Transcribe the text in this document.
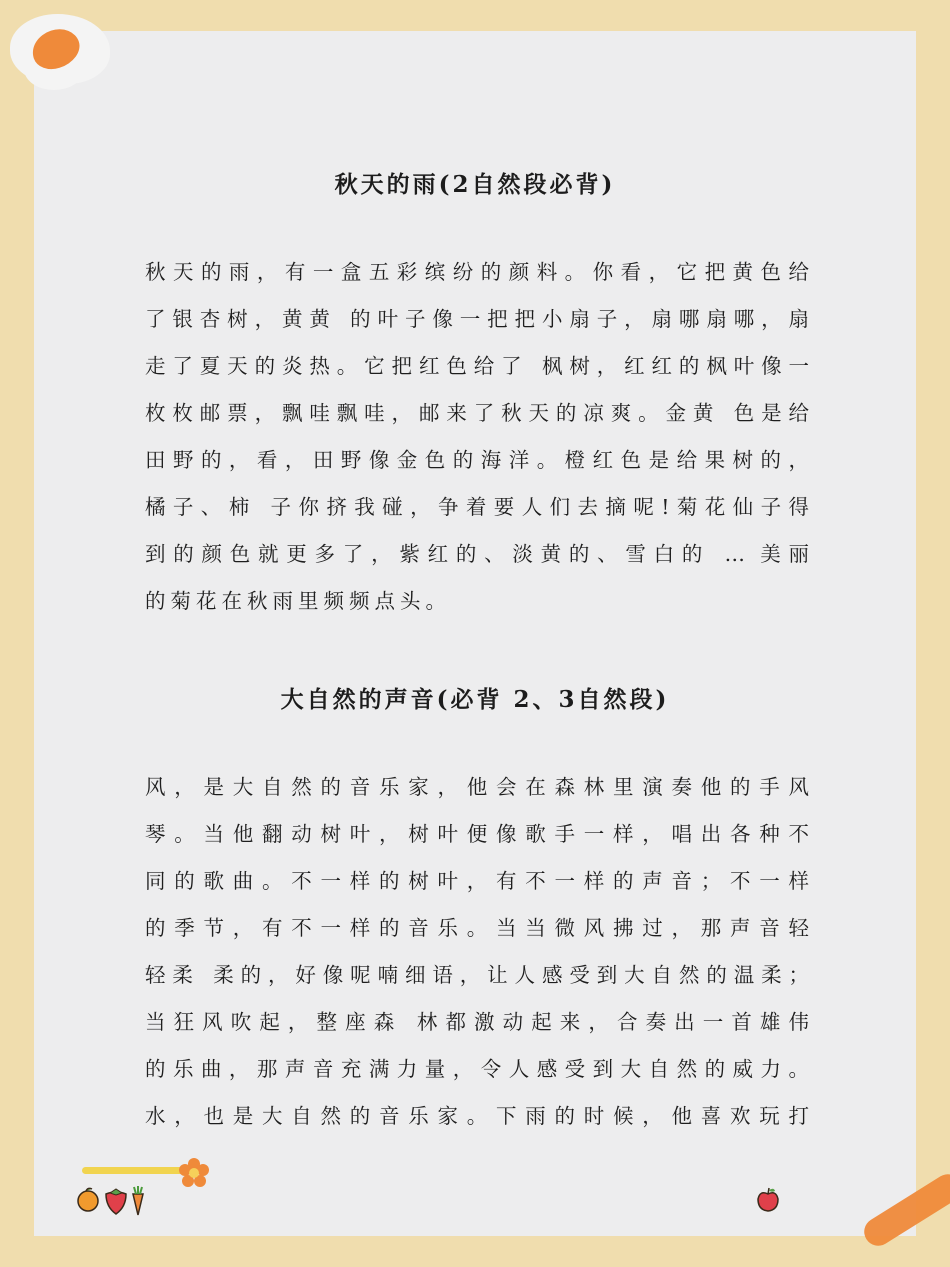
秋天的雨(2自然段必背)
秋天的雨，有一盒五彩缤纷的颜料。你看，它把黄色给
了银杏树，黄黄 的叶子像一把把小扇子，扇哪扇哪，扇
走了夏天的炎热。它把红色给了 枫树，红红的枫叶像一
枚枚邮票，飘哇飘哇，邮来了秋天的凉爽。金黄 色是给
田野的，看，田野像金色的海洋。橙红色是给果树的，
橘子、柿 子你挤我碰，争着要人们去摘呢!菊花仙子得
到的颜色就更多了，紫红的、淡黄的、雪白的 … 美丽
的菊花在秋雨里频频点头。
大自然的声音(必背 2、3自然段)
风，是大自然的音乐家，他会在森林里演奏他的手风
琴。当他翻动树叶，树叶便像歌手一样，唱出各种不
同的歌曲。不一样的树叶，有不一样的声音；不一样
的季节，有不一样的音乐。当当微风拂过，那声音轻
轻柔 柔的，好像呢喃细语，让人感受到大自然的温柔；
当狂风吹起，整座森 林都激动起来，合奏出一首雄伟
的乐曲，那声音充满力量，令人感受到大自然的威力。
水，也是大自然的音乐家。下雨的时候，他喜欢玩打
